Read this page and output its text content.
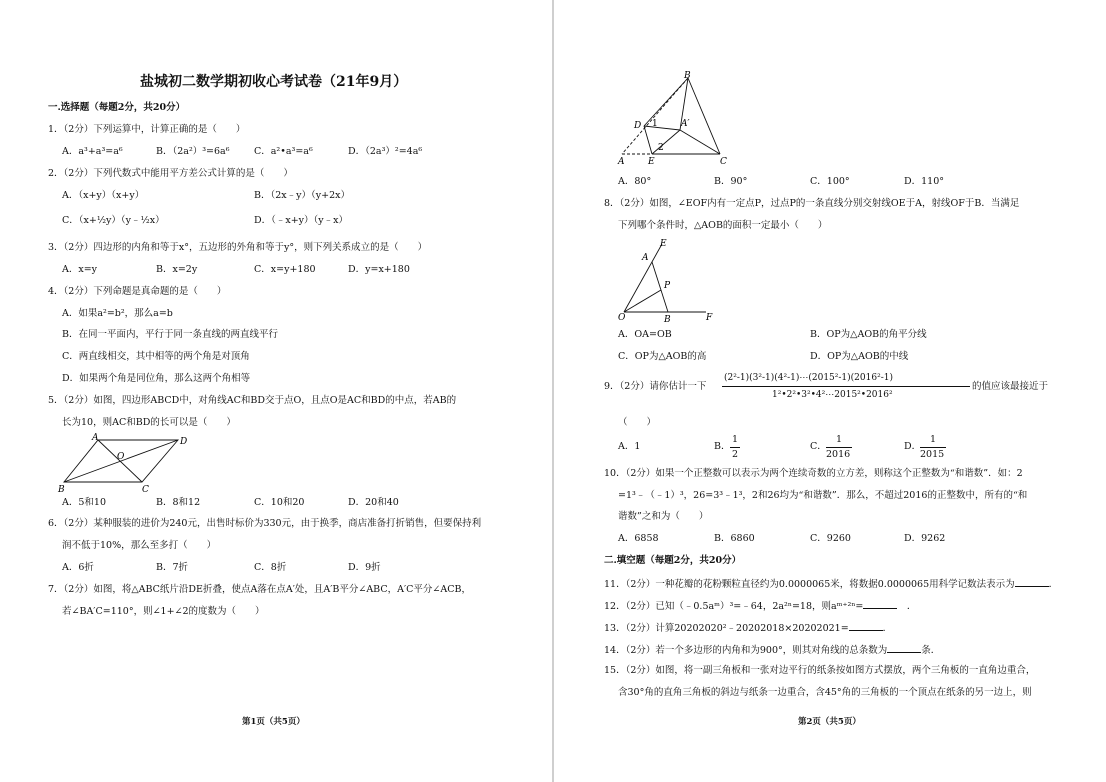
盐城初二数学期初收心考试卷（21年9月）
一.选择题（每题2分，共20分）
1．（2分）下列运算中，计算正确的是（　　）
A．a³+a³=a⁶	B．（2a²）³=6a⁶	C．a²•a³=a⁶	D．（2a³）²=4a⁶
2．（2分）下列代数式中能用平方差公式计算的是（　　）
A．（x+y）（x+y）	B．（2x﹣y）（y+2x）
C．（x+½y）（y﹣½x）	D．（﹣x+y）（y﹣x）
3．（2分）四边形的内角和等于x°，五边形的外角和等于y°，则下列关系成立的是（　　）
A．x=y	B．x=2y	C．x=y+180	D．y=x+180
4．（2分）下列命题是真命题的是（　　）
A．如果a²=b²，那么a=b
B．在同一平面内，平行于同一条直线的两直线平行
C．两直线相交，其中相等的两个角是对顶角
D．如果两个角是同位角，那么这两个角相等
5．（2分）如图，四边形ABCD中，对角线AC和BD交于点O，且点O是AC和BD的中点，若AB的
长为10，则AC和BD的长可以是（　　）
A	D
B	C
O
A．5和10	B．8和12	C．10和20	D．20和40
6．（2分）某种服装的进价为240元，出售时标价为330元，由于换季，商店准备打折销售，但要保持利
润不低于10%，那么至多打（　　）
A．6折	B．7折	C．8折	D．9折
7．（2分）如图，将△ABC纸片沿DE折叠，使点A落在点A′处，且A′B平分∠ABC，A′C平分∠ACB，
若∠BA′C=110°，则∠1+∠2的度数为（　　）
第1页（共5页）
B
D
A	E	C
A′
1
2
A．80°	B．90°	C．100°	D．110°
8．（2分）如图，∠EOF内有一定点P，过点P的一条直线分别交射线OE于A，射线OF于B．当满足
下列哪个条件时，△AOB的面积一定最小（　　）
E
A
P
O	B	F
A．OA=OB	B．OP为△AOB的角平分线
C．OP为△AOB的高	D．OP为△AOB的中线
9．（2分）请你估计一下
(2²-1)(3²-1)(4²-1)⋯(2015²-1)(2016²-1)
1²•2²•3²•4²⋯2015²•2016²
的值应该最接近于
（　　）
A．1	B．
1
2
C．
1
2016
D．
1
2015
10．（2分）如果一个正整数可以表示为两个连续奇数的立方差，则称这个正整数为“和谐数”．如：2
=1³﹣（﹣1）³，26=3³﹣1³，2和26均为“和谐数”．那么，不超过2016的正整数中，所有的“和
谐数”之和为（　　）
A．6858	B．6860	C．9260	D．9262
二.填空题（每题2分，共20分）
11．（2分）一种花瓣的花粉颗粒直径约为0.0000065米，将数据0.0000065用科学记数法表示为	．
12．（2分）已知（﹣0.5aᵐ）³=﹣64，2a²ⁿ=18，则aᵐ⁺²ⁿ=	　．
13．（2分）计算20202020²﹣20202018×20202021=	．
14．（2分）若一个多边形的内角和为900°，则其对角线的总条数为	条．
15．（2分）如图，将一副三角板和一张对边平行的纸条按如图方式摆放，两个三角板的一直角边重合，
含30°角的直角三角板的斜边与纸条一边重合，含45°角的三角板的一个顶点在纸条的另一边上，则
第2页（共5页）
